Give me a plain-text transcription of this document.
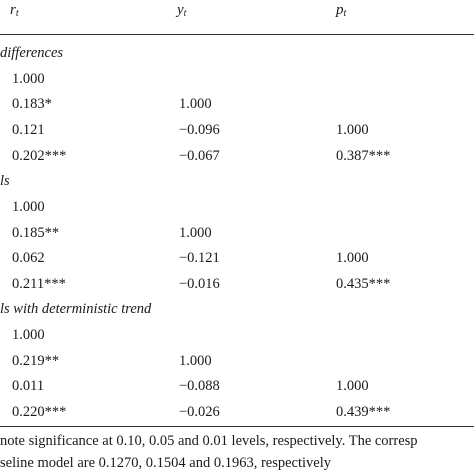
$r_t$	$y_t$	$p_t$
differences
1.000
0.183*	1.000
0.121	−0.096	1.000
0.202***	−0.067	0.387***
ls
1.000
0.185**	1.000
0.062	−0.121	1.000
0.211***	−0.016	0.435***
ls with deterministic trend
1.000
0.219**	1.000
0.011	−0.088	1.000
0.220***	−0.026	0.439***
note significance at 0.10, 0.05 and 0.01 levels, respectively. The corresp
seline model are 0.1270, 0.1504 and 0.1963, respectively
